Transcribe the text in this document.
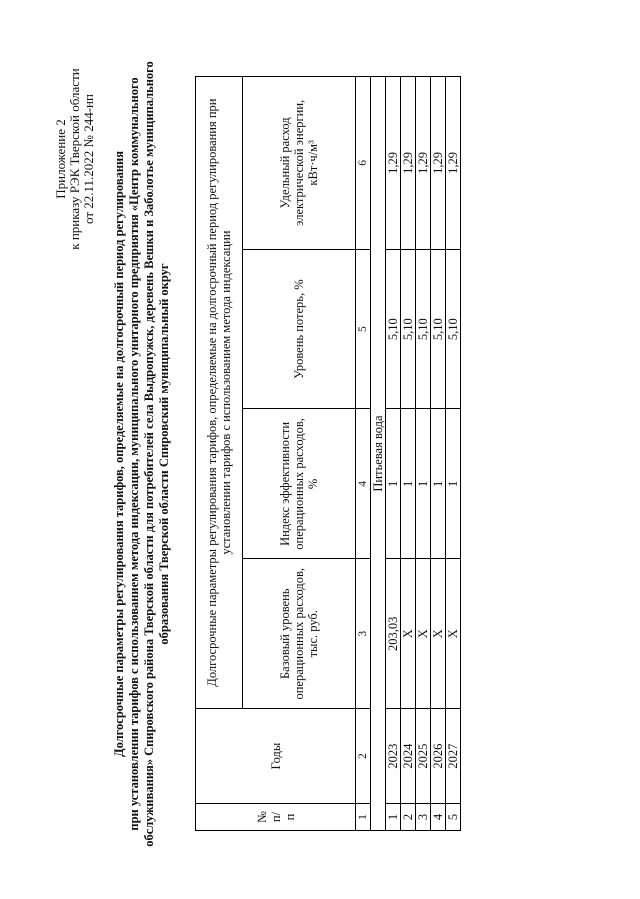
Приложение 2 к приказу РЭК Тверской области от 22.11.2022 № 244-нп Долгосрочные параметры регулирования тарифов, определяемые на долгосрочный период регулирования при установлении тарифов с использованием метода индексации, муниципального унитарного предприятия «Центр коммунального обслуживания» Спировского района Тверской области для потребителей села Выдропужск, деревень Вешки и Заболотье муниципального образования Тверской области Спировский муниципальный округ
№ п/п	Годы	Долгосрочные параметры регулирования тарифов, определяемые на долгосрочный период регулирования при установлении тарифов с использованием метода индексации			
		Базовый уровень операционных расходов, тыс. руб.	Индекс эффективности операционных расходов, %	Уровень потерь, %	Удельный расход электрической энергии, кВт·ч/м³
1	2	3	4	5	6
Питьевая вода					
1	2023	203,03	1	5,10	1,29
2	2024	Х	1	5,10	1,29
3	2025	Х	1	5,10	1,29
4	2026	Х	1	5,10	1,29
5	2027	Х	1	5,10	1,29
